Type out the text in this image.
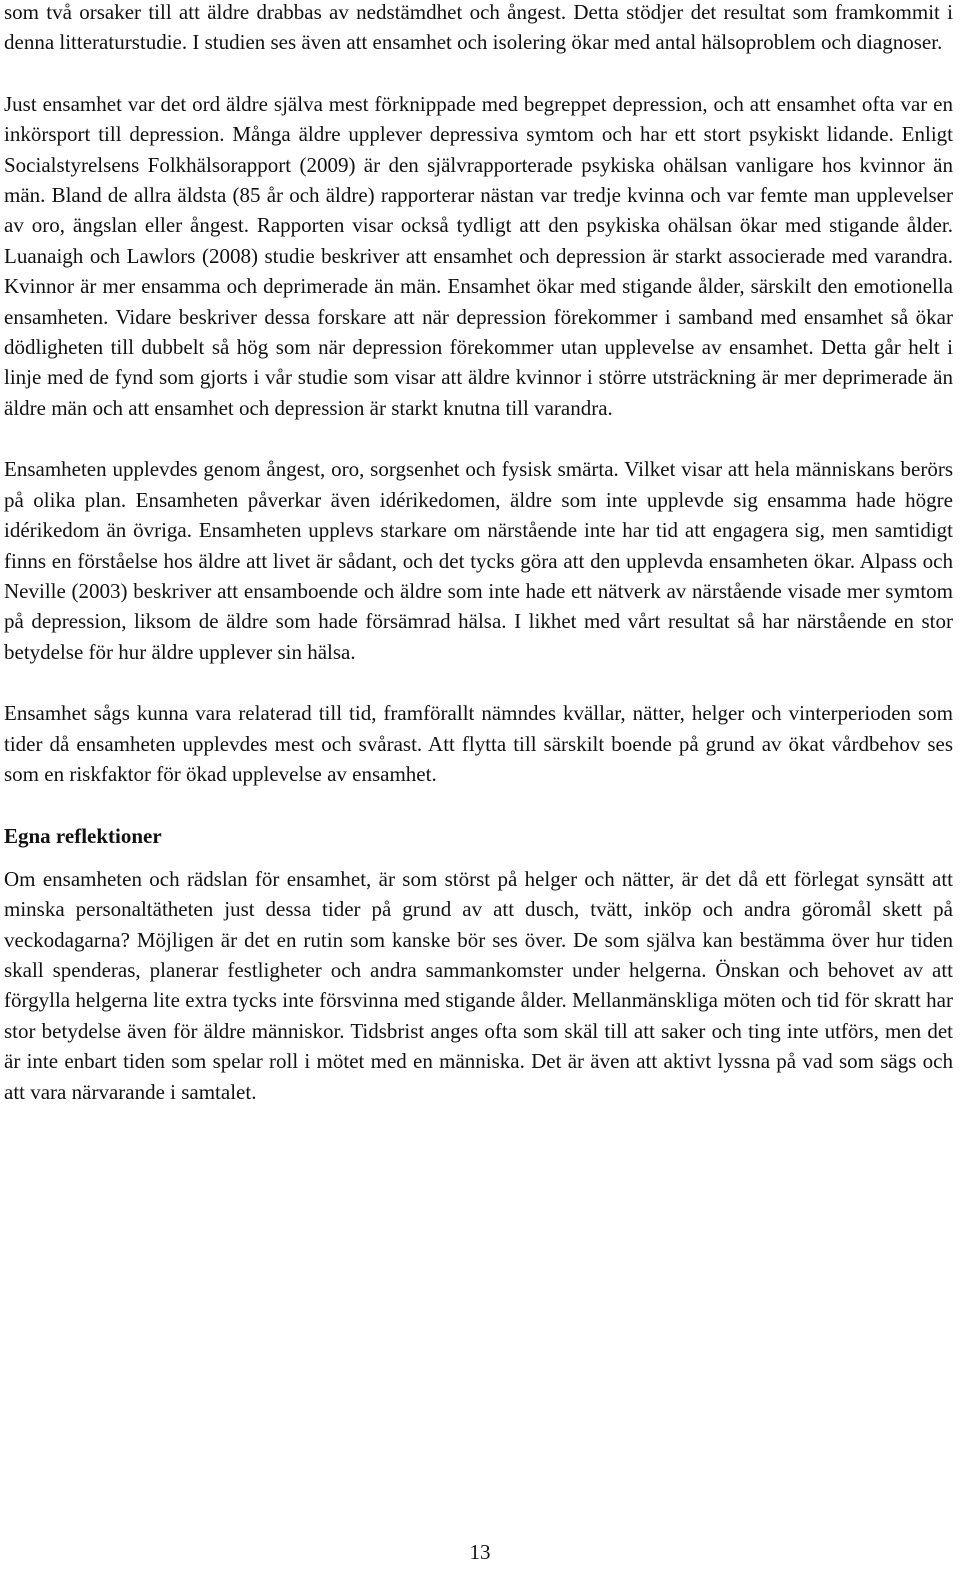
som två orsaker till att äldre drabbas av nedstämdhet och ångest. Detta stödjer det resultat som framkommit i denna litteraturstudie. I studien ses även att ensamhet och isolering ökar med antal hälsoproblem och diagnoser.

Just ensamhet var det ord äldre själva mest förknippade med begreppet depression, och att ensamhet ofta var en inkörsport till depression. Många äldre upplever depressiva symtom och har ett stort psykiskt lidande. Enligt Socialstyrelsens Folkhälsorapport (2009) är den självrapporterade psykiska ohälsan vanligare hos kvinnor än män. Bland de allra äldsta (85 år och äldre) rapporterar nästan var tredje kvinna och var femte man upplevelser av oro, ängslan eller ångest. Rapporten visar också tydligt att den psykiska ohälsan ökar med stigande ålder. Luanaigh och Lawlors (2008) studie beskriver att ensamhet och depression är starkt associerade med varandra. Kvinnor är mer ensamma och deprimerade än män. Ensamhet ökar med stigande ålder, särskilt den emotionella ensamheten. Vidare beskriver dessa forskare att när depression förekommer i samband med ensamhet så ökar dödligheten till dubbelt så hög som när depression förekommer utan upplevelse av ensamhet. Detta går helt i linje med de fynd som gjorts i vår studie som visar att äldre kvinnor i större utsträckning är mer deprimerade än äldre män och att ensamhet och depression är starkt knutna till varandra.

Ensamheten upplevdes genom ångest, oro, sorgsenhet och fysisk smärta. Vilket visar att hela människans berörs på olika plan. Ensamheten påverkar även idérikedomen, äldre som inte upplevde sig ensamma hade högre idérikedom än övriga. Ensamheten upplevs starkare om närstående inte har tid att engagera sig, men samtidigt finns en förståelse hos äldre att livet är sådant, och det tycks göra att den upplevda ensamheten ökar. Alpass och Neville (2003) beskriver att ensamboende och äldre som inte hade ett nätverk av närstående visade mer symtom på depression, liksom de äldre som hade försämrad hälsa. I likhet med vårt resultat så har närstående en stor betydelse för hur äldre upplever sin hälsa.

Ensamhet sågs kunna vara relaterad till tid, framförallt nämndes kvällar, nätter, helger och vinterperioden som tider då ensamheten upplevdes mest och svårast. Att flytta till särskilt boende på grund av ökat vårdbehov ses som en riskfaktor för ökad upplevelse av ensamhet.

Egna reflektioner

Om ensamheten och rädslan för ensamhet, är som störst på helger och nätter, är det då ett förlegat synsätt att minska personaltätheten just dessa tider på grund av att dusch, tvätt, inköp och andra göromål skett på veckodagarna? Möjligen är det en rutin som kanske bör ses över. De som själva kan bestämma över hur tiden skall spenderas, planerar festligheter och andra sammankomster under helgerna. Önskan och behovet av att förgylla helgerna lite extra tycks inte försvinna med stigande ålder. Mellanmänskliga möten och tid för skratt har stor betydelse även för äldre människor. Tidsbrist anges ofta som skäl till att saker och ting inte utförs, men det är inte enbart tiden som spelar roll i mötet med en människa. Det är även att aktivt lyssna på vad som sägs och att vara närvarande i samtalet.

13
